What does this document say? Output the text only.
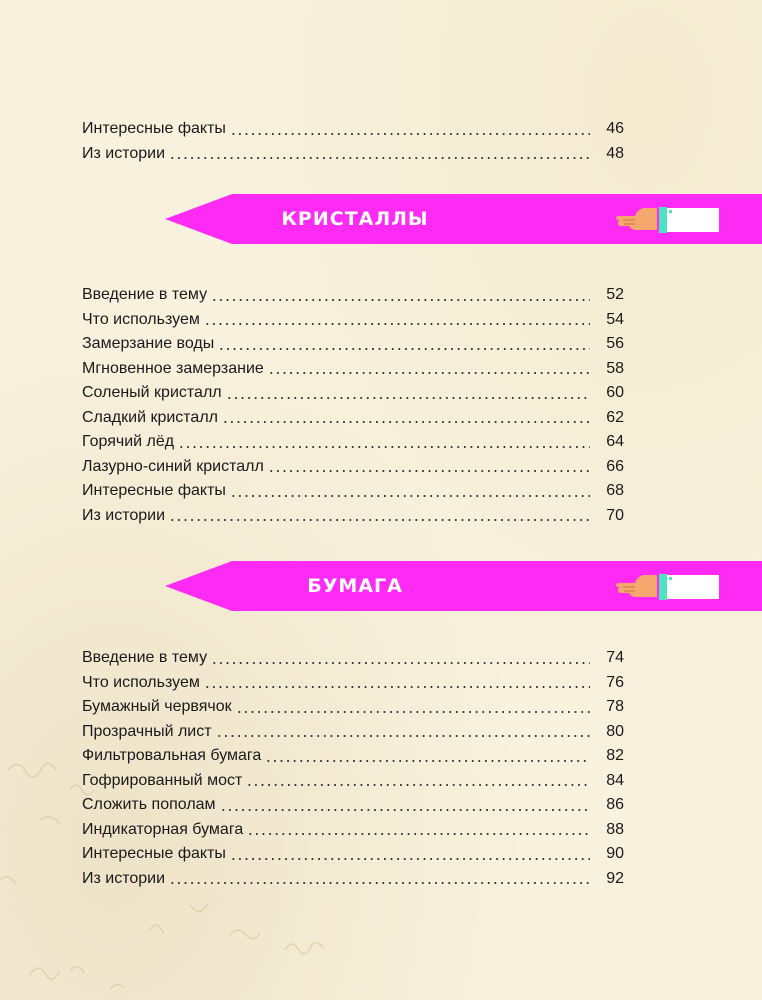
Интересные факты	46
Из истории	48
КРИСТАЛЛЫ
Введение в тему	52
Что используем	54
Замерзание воды	56
Мгновенное замерзание	58
Соленый кристалл	60
Сладкий кристалл	62
Горячий лёд	64
Лазурно-синий кристалл	66
Интересные факты	68
Из истории	70
БУМАГА
Введение в тему	74
Что используем	76
Бумажный червячок	78
Прозрачный лист	80
Фильтровальная бумага	82
Гофрированный мост	84
Сложить пополам	86
Индикаторная бумага	88
Интересные факты	90
Из истории	92
